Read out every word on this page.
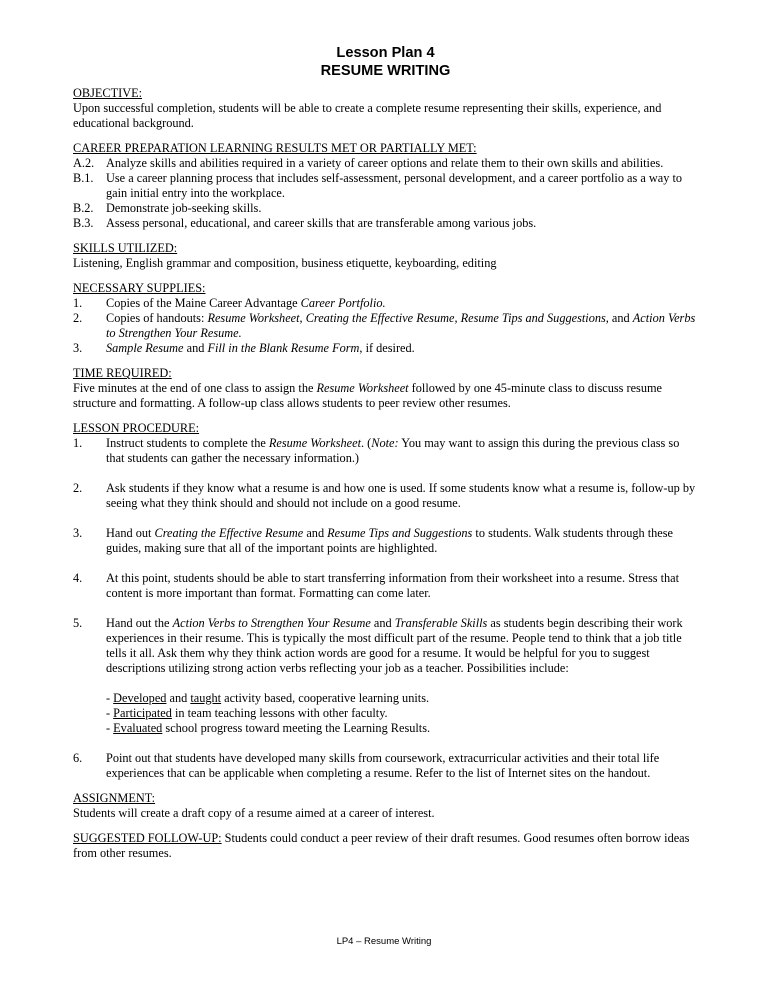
Lesson Plan 4
RESUME WRITING
OBJECTIVE:
Upon successful completion, students will be able to create a complete resume representing their skills, experience, and educational background.
CAREER PREPARATION LEARNING RESULTS MET OR PARTIALLY MET:
A.2. Analyze skills and abilities required in a variety of career options and relate them to their own skills and abilities.
B.1.	Use a career planning process that includes self-assessment, personal development, and a career portfolio as a way to gain initial entry into the workplace.
B.2.	Demonstrate job-seeking skills.
B.3.	Assess personal, educational, and career skills that are transferable among various jobs.
SKILLS UTILIZED:
Listening, English grammar and composition, business etiquette, keyboarding, editing
NECESSARY SUPPLIES:
1.	Copies of the Maine Career Advantage Career Portfolio.
2.	Copies of handouts: Resume Worksheet, Creating the Effective Resume, Resume Tips and Suggestions, and Action Verbs to Strengthen Your Resume.
3.	Sample Resume and Fill in the Blank Resume Form, if desired.
TIME REQUIRED:
Five minutes at the end of one class to assign the Resume Worksheet followed by one 45-minute class to discuss resume structure and formatting. A follow-up class allows students to peer review other resumes.
LESSON PROCEDURE:
1.	Instruct students to complete the Resume Worksheet. (Note: You may want to assign this during the previous class so that students can gather the necessary information.)
2.	Ask students if they know what a resume is and how one is used. If some students know what a resume is, follow-up by seeing what they think should and should not include on a good resume.
3.	Hand out Creating the Effective Resume and Resume Tips and Suggestions to students. Walk students through these guides, making sure that all of the important points are highlighted.
4.	At this point, students should be able to start transferring information from their worksheet into a resume. Stress that content is more important than format. Formatting can come later.
5.	Hand out the Action Verbs to Strengthen Your Resume and Transferable Skills as students begin describing their work experiences in their resume. This is typically the most difficult part of the resume. People tend to think that a job title tells it all. Ask them why they think action words are good for a resume. It would be helpful for you to suggest descriptions utilizing strong action verbs reflecting your job as a teacher. Possibilities include:
- Developed and taught activity based, cooperative learning units.
- Participated in team teaching lessons with other faculty.
- Evaluated school progress toward meeting the Learning Results.
6.	Point out that students have developed many skills from coursework, extracurricular activities and their total life experiences that can be applicable when completing a resume. Refer to the list of Internet sites on the handout.
ASSIGNMENT:
Students will create a draft copy of a resume aimed at a career of interest.
SUGGESTED FOLLOW-UP: Students could conduct a peer review of their draft resumes. Good resumes often borrow ideas from other resumes.
LP4 – Resume Writing
